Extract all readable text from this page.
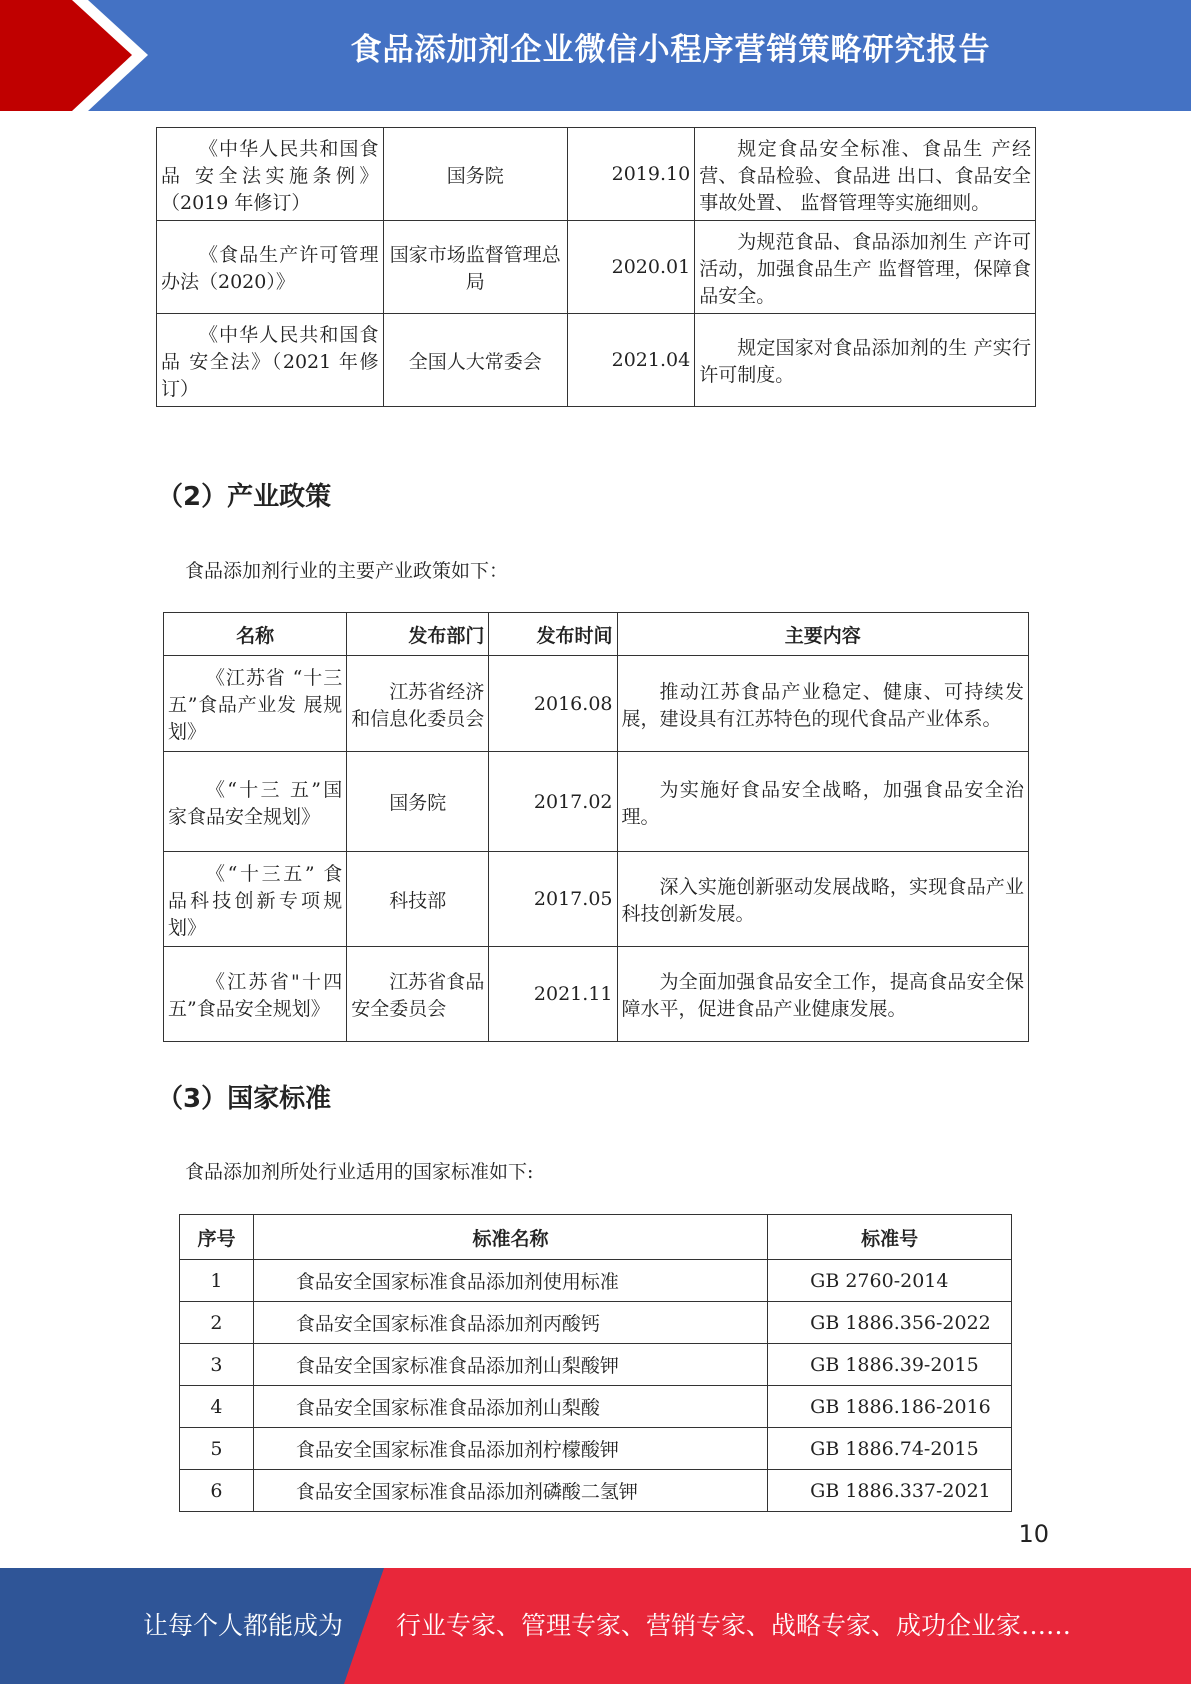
食品添加剂企业微信小程序营销策略研究报告
《中华人民共和国食品 安全法实施条例》（2019 年修订）	国务院	2019.10	规定食品安全标准、食品生 产经营、食品检验、食品进 出口、食品安全事故处置、 监督管理等实施细则。
《食品生产许可管理办法（2020）》	国家市场监督管理总局	2020.01	为规范食品、食品添加剂生 产许可活动，加强食品生产 监督管理，保障食品安全。
《中华人民共和国食品 安全法》（2021 年修订）	全国人大常委会	2021.04	规定国家对食品添加剂的生 产实行许可制度。
（2）产业政策
食品添加剂行业的主要产业政策如下：
名称	发布部门	发布时间	主要内容
《江苏省 “十三 五”食品产业发 展规划》	江苏省经济 和信息化委员会	2016.08	推动江苏食品产业稳定、健康、可持续发展，建设具有江苏特色的现代食品产业体系。
《“十三 五”国 家食品安全规划》	国务院	2017.02	为实施好食品安全战略，加强食品安全治理。
《“十三五” 食 品科技创新专项规划》	科技部	2017.05	深入实施创新驱动发展战略，实现食品产业科技创新发展。
《江苏省"十四五”食品安全规划》	江苏省食品 安全委员会	2021.11	为全面加强食品安全工作，提高食品安全保障水平，促进食品产业健康发展。
（3）国家标准
食品添加剂所处行业适用的国家标准如下:
序号	标准名称	标准号
1	食品安全国家标准食品添加剂使用标准	GB 2760-2014
2	食品安全国家标准食品添加剂丙酸钙	GB 1886.356-2022
3	食品安全国家标准食品添加剂山梨酸钾	GB 1886.39-2015
4	食品安全国家标准食品添加剂山梨酸	GB 1886.186-2016
5	食品安全国家标准食品添加剂柠檬酸钾	GB 1886.74-2015
6	食品安全国家标准食品添加剂磷酸二氢钾	GB 1886.337-2021
10
让每个人都能成为 行业专家、管理专家、营销专家、战略专家、成功企业家……
